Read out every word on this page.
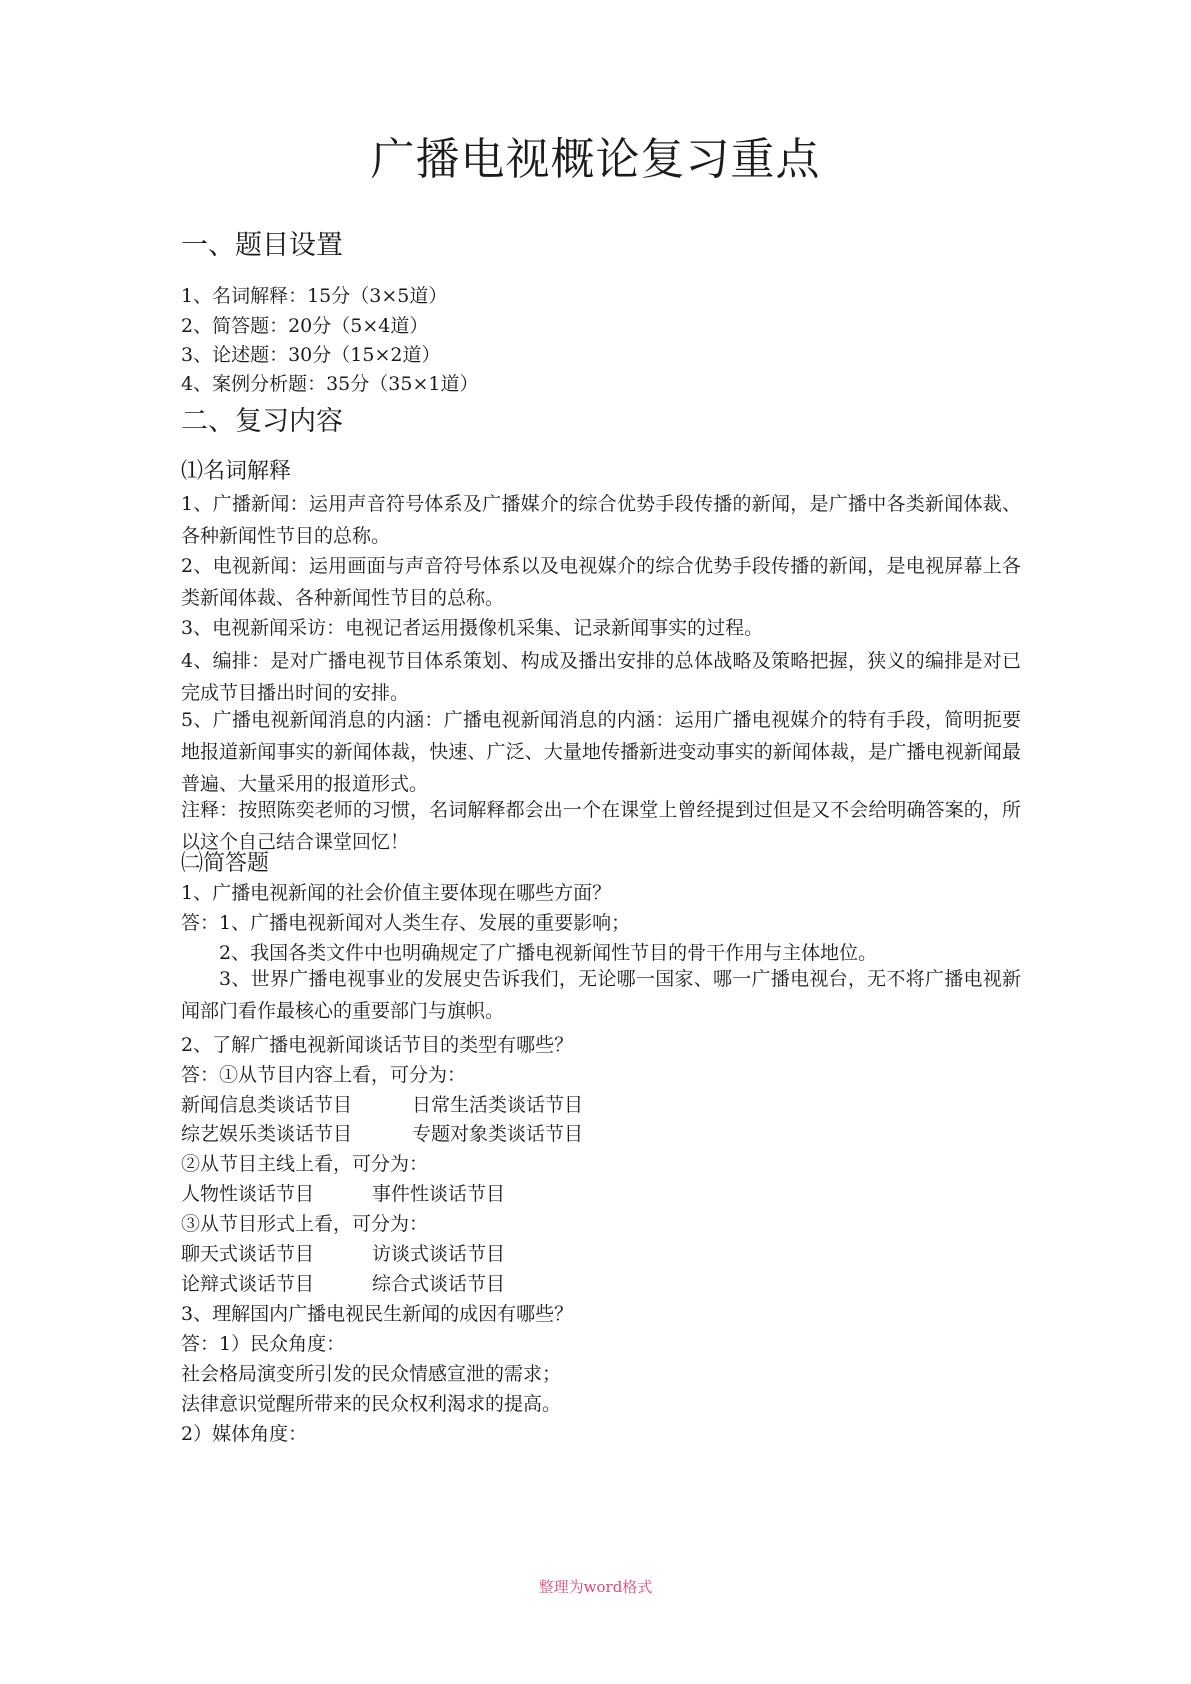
广播电视概论复习重点
一、题目设置
1、名词解释：15分（3×5道）
2、简答题：20分（5×4道）
3、论述题：30分（15×2道）
4、案例分析题：35分（35×1道）
二、复习内容
⑴名词解释
1、广播新闻：运用声音符号体系及广播媒介的综合优势手段传播的新闻，是广播中各类新闻体裁、各种新闻性节目的总称。
2、电视新闻：运用画面与声音符号体系以及电视媒介的综合优势手段传播的新闻，是电视屏幕上各类新闻体裁、各种新闻性节目的总称。
3、电视新闻采访：电视记者运用摄像机采集、记录新闻事实的过程。
4、编排：是对广播电视节目体系策划、构成及播出安排的总体战略及策略把握，狭义的编排是对已完成节目播出时间的安排。
5、广播电视新闻消息的内涵：广播电视新闻消息的内涵：运用广播电视媒介的特有手段，简明扼要地报道新闻事实的新闻体裁，快速、广泛、大量地传播新进变动事实的新闻体裁，是广播电视新闻最普遍、大量采用的报道形式。
注释：按照陈奕老师的习惯，名词解释都会出一个在课堂上曾经提到过但是又不会给明确答案的，所以这个自己结合课堂回忆！
㈡简答题
1、广播电视新闻的社会价值主要体现在哪些方面？
答：1、广播电视新闻对人类生存、发展的重要影响；
2、我国各类文件中也明确规定了广播电视新闻性节目的骨干作用与主体地位。
3、世界广播电视事业的发展史告诉我们，无论哪一国家、哪一广播电视台，无不将广播电视新闻部门看作最核心的重要部门与旗帜。
2、了解广播电视新闻谈话节目的类型有哪些？
答：①从节目内容上看，可分为：
新闻信息类谈话节目	日常生活类谈话节目
综艺娱乐类谈话节目	专题对象类谈话节目
②从节目主线上看，可分为：
人物性谈话节目	事件性谈话节目
③从节目形式上看，可分为：
聊天式谈话节目	访谈式谈话节目
论辩式谈话节目	综合式谈话节目
3、理解国内广播电视民生新闻的成因有哪些？
答：1）民众角度：
社会格局演变所引发的民众情感宣泄的需求；
法律意识觉醒所带来的民众权利渴求的提高。
2）媒体角度：
整理为word格式
